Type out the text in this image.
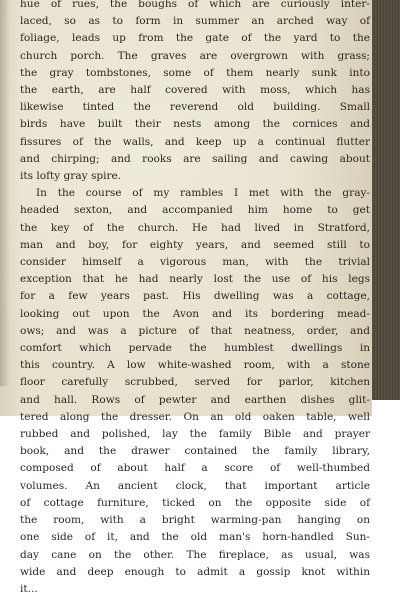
hue of rues, the boughs of which are curiously inter-
laced, so as to form in summer an arched way of
foliage, leads up from the gate of the yard to the
church porch. The graves are overgrown with grass;
the gray tombstones, some of them nearly sunk into
the earth, are half covered with moss, which has
likewise tinted the reverend old building. Small
birds have built their nests among the cornices and
fissures of the walls, and keep up a continual flutter
and chirping; and rooks are sailing and cawing about
its lofty gray spire.
In the course of my rambles I met with the gray-
headed sexton, and accompanied him home to get
the key of the church. He had lived in Stratford,
man and boy, for eighty years, and seemed still to
consider himself a vigorous man, with the trivial
exception that he had nearly lost the use of his legs
for a few years past. His dwelling was a cottage,
looking out upon the Avon and its bordering mead-
ows; and was a picture of that neatness, order, and
comfort which pervade the humblest dwellings in
this country. A low white-washed room, with a stone
floor carefully scrubbed, served for parlor, kitchen
and hall. Rows of pewter and earthen dishes glit-
tered along the dresser. On an old oaken table, well
rubbed and polished, lay the family Bible and prayer
book, and the drawer contained the family library,
composed of about half a score of well-thumbed
volumes. An ancient clock, that important article
of cottage furniture, ticked on the opposite side of
the room, with a bright warming-pan hanging on
one side of it, and the old man's horn-handled Sun-
day cane on the other. The fireplace, as usual, was
wide and deep enough to admit a gossip knot within
it...
